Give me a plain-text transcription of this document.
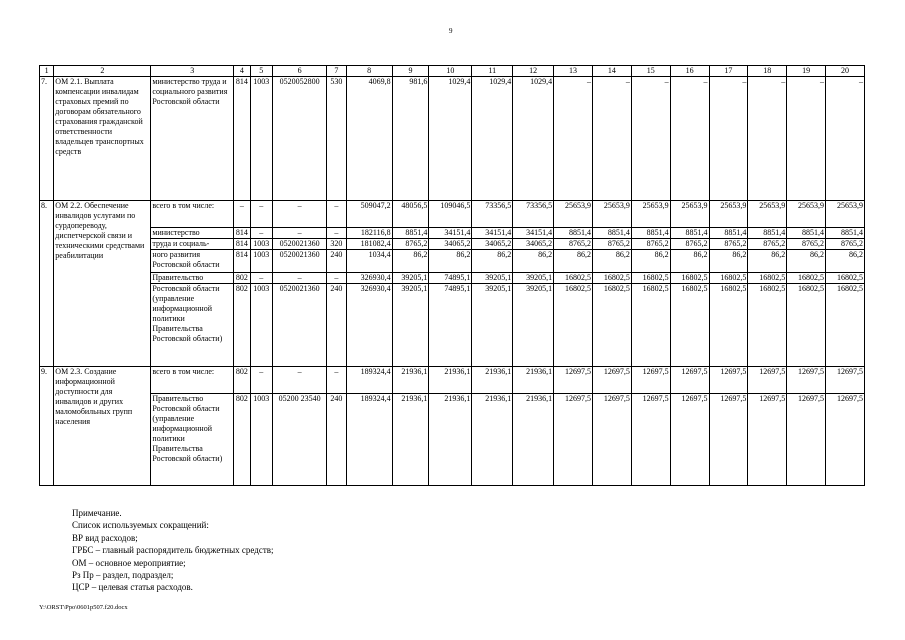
9
1	2	3	4	5	6	7	8	9	10	11	12	13	14	15	16	17	18	19	20
7.	ОМ 2.1. Выплата компенсации инвалидам страховых премий по договорам обязательного страхования гражданской ответственности владельцев транспортных средств	министерство труда и социального развития Ростовской области	814	1003	0520052800	530	4069,8	981,6	1029,4	1029,4	1029,4	–	–	–	–	–	–	–	–
8.	ОМ 2.2. Обеспечение инвалидов услугами по сурдопереводу, диспетчерской связи и техническими средствами реабилитации	всего в том числе:	–	–	–	–	509047,2	48056,5	109046,5	73356,5	73356,5	25653,9	25653,9	25653,9	25653,9	25653,9	25653,9	25653,9	25653,9
		министерство	814	–	–	–	182116,8	8851,4	34151,4	34151,4	34151,4	8851,4	8851,4	8851,4	8851,4	8851,4	8851,4	8851,4	8851,4
		труда и социаль-	814	1003	0520021360	320	181082,4	8765,2	34065,2	34065,2	34065,2	8765,2	8765,2	8765,2	8765,2	8765,2	8765,2	8765,2	8765,2
		ного развития Ростовской области	814	1003	0520021360	240	1034,4	86,2	86,2	86,2	86,2	86,2	86,2	86,2	86,2	86,2	86,2	86,2	86,2
		Правительство	802	–	–	–	326930,4	39205,1	74895,1	39205,1	39205,1	16802,5	16802,5	16802,5	16802,5	16802,5	16802,5	16802,5	16802,5
		Ростовской области (управление информационной политики Правительства Ростовской области)	802	1003	0520021360	240	326930,4	39205,1	74895,1	39205,1	39205,1	16802,5	16802,5	16802,5	16802,5	16802,5	16802,5	16802,5	16802,5
9.	ОМ 2.3. Создание информационной доступности для инвалидов и других маломобильных групп населения	всего в том числе:	802	–	–	–	189324,4	21936,1	21936,1	21936,1	21936,1	12697,5	12697,5	12697,5	12697,5	12697,5	12697,5	12697,5	12697,5
		Правительство Ростовской области (управление информационной политики Правительства Ростовской области)	802	1003	05200 23540	240	189324,4	21936,1	21936,1	21936,1	21936,1	12697,5	12697,5	12697,5	12697,5	12697,5	12697,5	12697,5	12697,5
Примечание.
Список используемых сокращений:
ВР вид расходов;
ГРБС – главный распорядитель бюджетных средств;
ОМ – основное мероприятие;
Рз Пр – раздел, подраздел;
ЦСР – целевая статья расходов.
Y:\ORST\Ppo\0601p507.f20.docx
